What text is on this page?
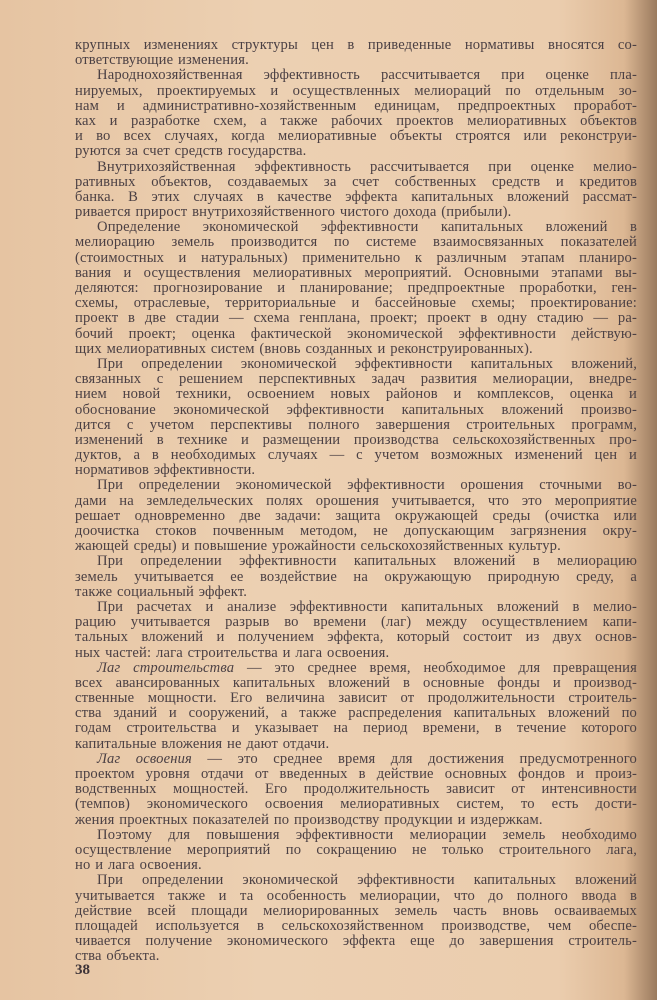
крупных изменениях структуры цен в приведенные нормативы вносятся со-
ответствующие изменения.
Народнохозяйственная эффективность рассчитывается при оценке пла-
нируемых, проектируемых и осуществленных мелиораций по отдельным зо-
нам и административно-хозяйственным единицам, предпроектных проработ-
ках и разработке схем, а также рабочих проектов мелиоративных объектов
и во всех случаях, когда мелиоративные объекты строятся или реконструи-
руются за счет средств государства.
Внутрихозяйственная эффективность рассчитывается при оценке мелио-
ративных объектов, создаваемых за счет собственных средств и кредитов
банка. В этих случаях в качестве эффекта капитальных вложений рассмат-
ривается прирост внутрихозяйственного чистого дохода (прибыли).
Определение экономической эффективности капитальных вложений в
мелиорацию земель производится по системе взаимосвязанных показателей
(стоимостных и натуральных) применительно к различным этапам планиро-
вания и осуществления мелиоративных мероприятий. Основными этапами вы-
деляются: прогнозирование и планирование; предпроектные проработки, ген-
схемы, отраслевые, территориальные и бассейновые схемы; проектирование:
проект в две стадии — схема генплана, проект; проект в одну стадию — ра-
бочий проект; оценка фактической экономической эффективности действую-
щих мелиоративных систем (вновь созданных и реконструированных).
При определении экономической эффективности капитальных вложений,
связанных с решением перспективных задач развития мелиорации, внедре-
нием новой техники, освоением новых районов и комплексов, оценка и
обоснование экономической эффективности капитальных вложений произво-
дится с учетом перспективы полного завершения строительных программ,
изменений в технике и размещении производства сельскохозяйственных про-
дуктов, а в необходимых случаях — с учетом возможных изменений цен и
нормативов эффективности.
При определении экономической эффективности орошения сточными во-
дами на земледельческих полях орошения учитывается, что это мероприятие
решает одновременно две задачи: защита окружающей среды (очистка или
доочистка стоков почвенным методом, не допускающим загрязнения окру-
жающей среды) и повышение урожайности сельскохозяйственных культур.
При определении эффективности капитальных вложений в мелиорацию
земель учитывается ее воздействие на окружающую природную среду, а
также социальный эффект.
При расчетах и анализе эффективности капитальных вложений в мелио-
рацию учитывается разрыв во времени (лаг) между осуществлением капи-
тальных вложений и получением эффекта, который состоит из двух основ-
ных частей: лага строительства и лага освоения.
Лаг строительства — это среднее время, необходимое для превращения
всех авансированных капитальных вложений в основные фонды и производ-
ственные мощности. Его величина зависит от продолжительности строитель-
ства зданий и сооружений, а также распределения капитальных вложений по
годам строительства и указывает на период времени, в течение которого
капитальные вложения не дают отдачи.
Лаг освоения — это среднее время для достижения предусмотренного
проектом уровня отдачи от введенных в действие основных фондов и произ-
водственных мощностей. Его продолжительность зависит от интенсивности
(темпов) экономического освоения мелиоративных систем, то есть дости-
жения проектных показателей по производству продукции и издержкам.
Поэтому для повышения эффективности мелиорации земель необходимо
осуществление мероприятий по сокращению не только строительного лага,
но и лага освоения.
При определении экономической эффективности капитальных вложений
учитывается также и та особенность мелиорации, что до полного ввода в
действие всей площади мелиорированных земель часть вновь осваиваемых
площадей используется в сельскохозяйственном производстве, чем обеспе-
чивается получение экономического эффекта еще до завершения строитель-
ства объекта.
38
